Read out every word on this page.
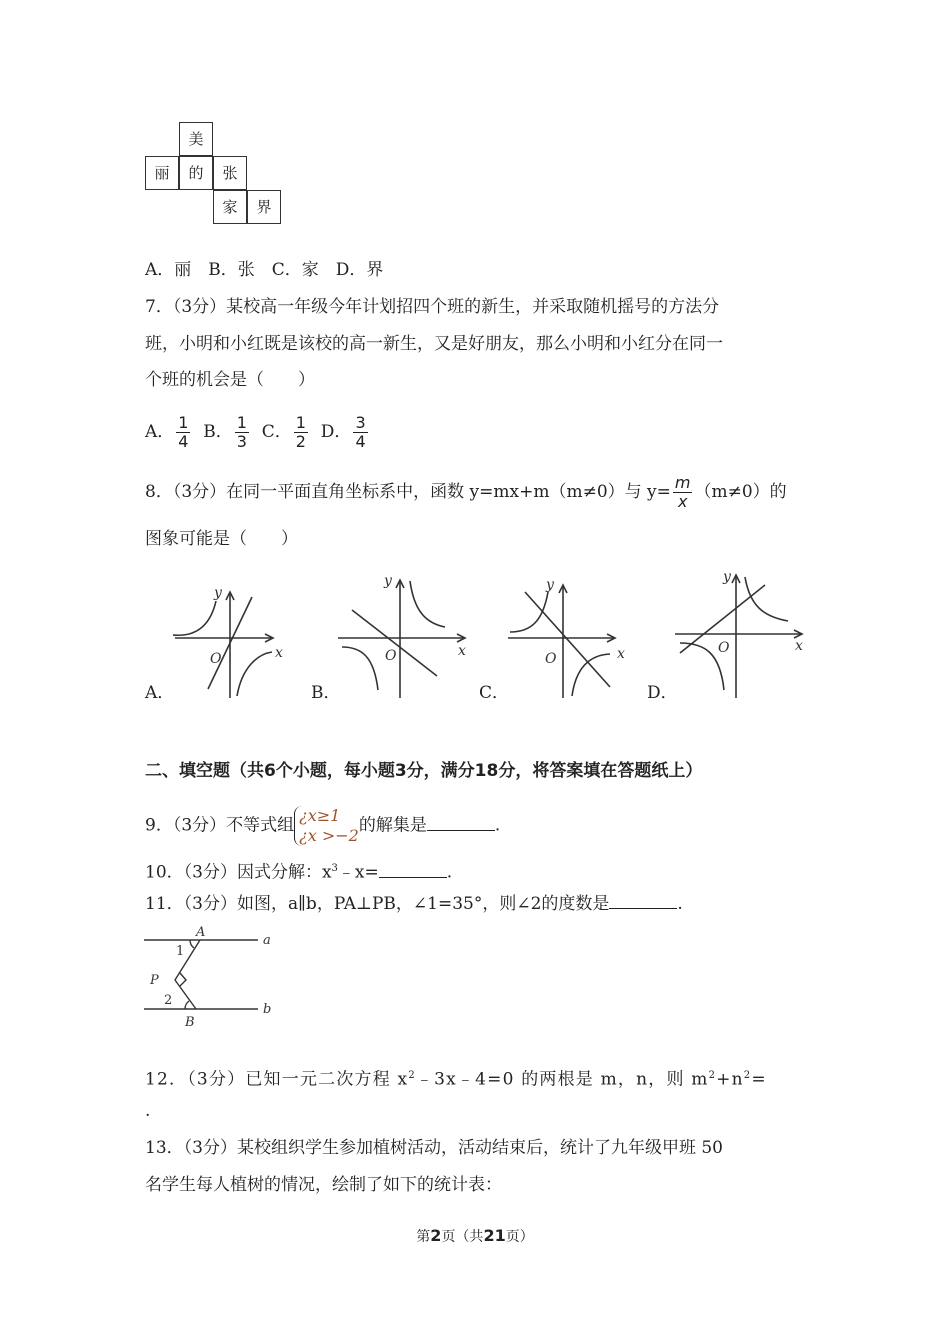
美
丽	的	张
家	界
A．丽　B．张　C．家　D．界
7．（3分）某校高一年级今年计划招四个班的新生，并采取随机摇号的方法分
班，小明和小红既是该校的高一新生，又是好朋友，那么小明和小红分在同一
个班的机会是（　　）
A． $\frac{1}{4}$ B． $\frac{1}{3}$ C． $\frac{1}{2}$ D． $\frac{3}{4}$
8．（3分）在同一平面直角坐标系中，函数 y=mx+m（m≠0）与 $y= \frac{m}{x} (m\ne 0)$的
图象可能是（　　）
x
y
O	x
y
O	x
y
O
x
y
O
A．	B．	C．	D．
二、填空题（共6个小题，每小题3分，满分18分，将答案填在答题纸上）
9．（3分）不等式组 ¿x≥1
¿x >−2 的解集是	.
10．（3分）因式分解：$x^3﹣x=$	.
11．（3分）如图，a∥b，PA⊥PB，∠1=35°，则∠2的度数是	.
A
B
P
a
b
1
2
12．（3分）已知一元二次方程 $x^2﹣3x﹣4=0$ 的两根是 m，n，则 $m^2+n^2=$
.
13．（3分）某校组织学生参加植树活动，活动结束后，统计了九年级甲班 50
名学生每人植树的情况，绘制了如下的统计表：
第2页（共21页）
